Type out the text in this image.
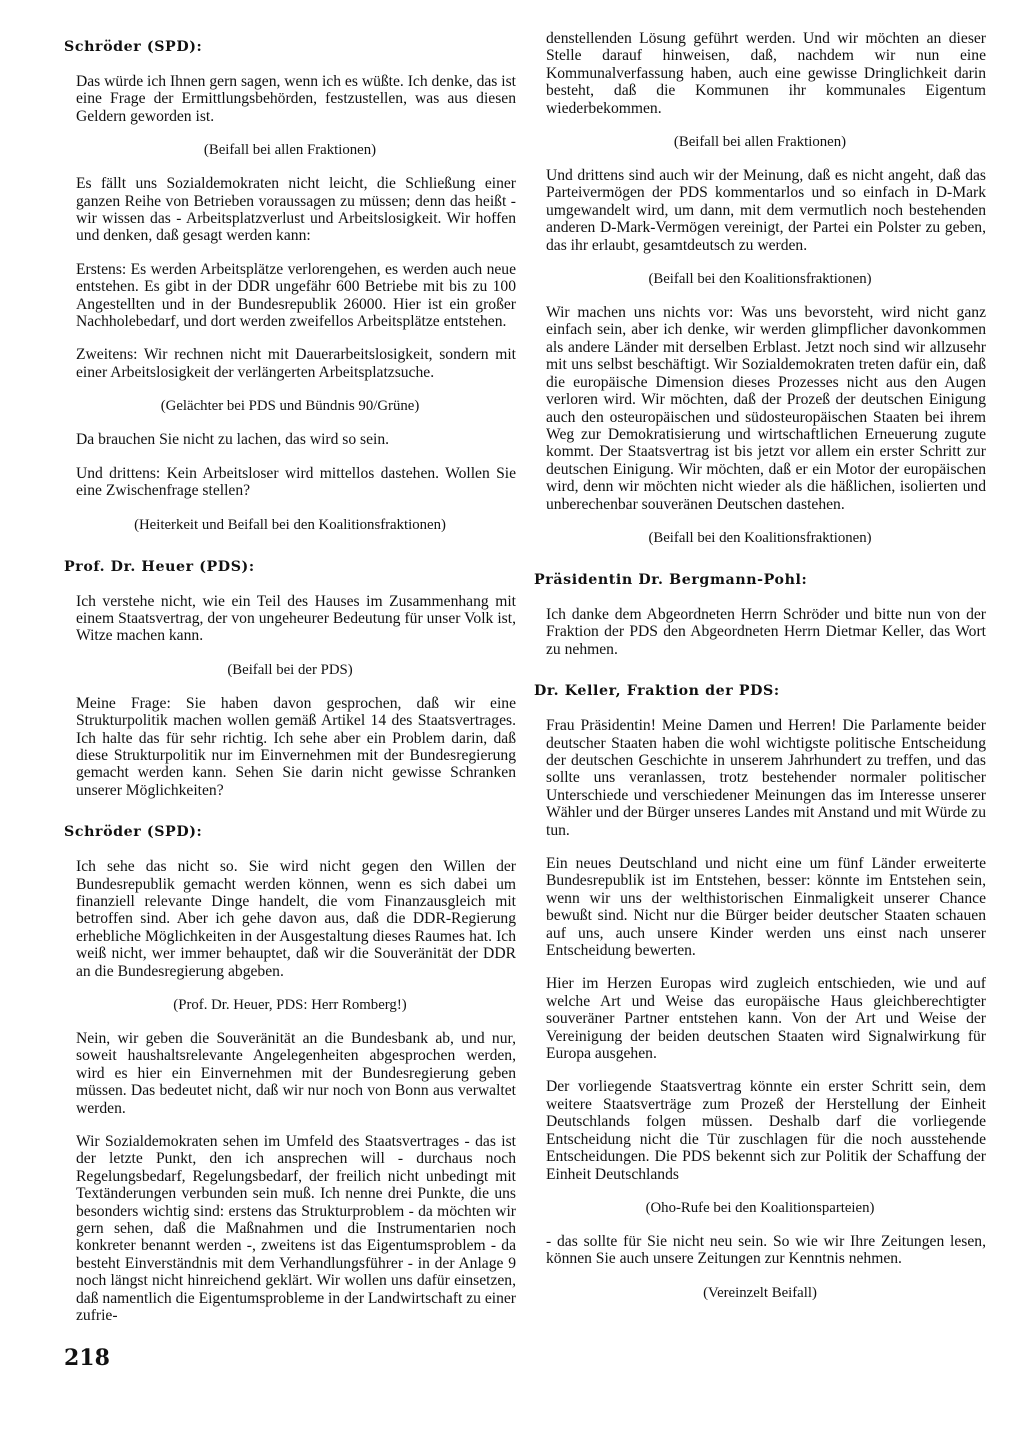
Schröder (SPD):
Das würde ich Ihnen gern sagen, wenn ich es wüßte. Ich denke, das ist eine Frage der Ermittlungsbehörden, festzustellen, was aus diesen Geldern geworden ist.
(Beifall bei allen Fraktionen)
Es fällt uns Sozialdemokraten nicht leicht, die Schließung einer ganzen Reihe von Betrieben voraussagen zu müssen; denn das heißt - wir wissen das - Arbeitsplatzverlust und Arbeitslosigkeit. Wir hoffen und denken, daß gesagt werden kann:
Erstens: Es werden Arbeitsplätze verlorengehen, es werden auch neue entstehen. Es gibt in der DDR ungefähr 600 Betriebe mit bis zu 100 Angestellten und in der Bundesrepublik 26000. Hier ist ein großer Nachholebedarf, und dort werden zweifellos Arbeitsplätze entstehen.
Zweitens: Wir rechnen nicht mit Dauerarbeitslosigkeit, sondern mit einer Arbeitslosigkeit der verlängerten Arbeitsplatzsuche.
(Gelächter bei PDS und Bündnis 90/Grüne)
Da brauchen Sie nicht zu lachen, das wird so sein.
Und drittens: Kein Arbeitsloser wird mittellos dastehen. Wollen Sie eine Zwischenfrage stellen?
(Heiterkeit und Beifall bei den Koalitionsfraktionen)
Prof. Dr. Heuer (PDS):
Ich verstehe nicht, wie ein Teil des Hauses im Zusammenhang mit einem Staatsvertrag, der von ungeheurer Bedeutung für unser Volk ist, Witze machen kann.
(Beifall bei der PDS)
Meine Frage: Sie haben davon gesprochen, daß wir eine Strukturpolitik machen wollen gemäß Artikel 14 des Staatsvertrages. Ich halte das für sehr richtig. Ich sehe aber ein Problem darin, daß diese Strukturpolitik nur im Einvernehmen mit der Bundesregierung gemacht werden kann. Sehen Sie darin nicht gewisse Schranken unserer Möglichkeiten?
Schröder (SPD):
Ich sehe das nicht so. Sie wird nicht gegen den Willen der Bundesrepublik gemacht werden können, wenn es sich dabei um finanziell relevante Dinge handelt, die vom Finanzausgleich mit betroffen sind. Aber ich gehe davon aus, daß die DDR-Regierung erhebliche Möglichkeiten in der Ausgestaltung dieses Raumes hat. Ich weiß nicht, wer immer behauptet, daß wir die Souveränität der DDR an die Bundesregierung abgeben.
(Prof. Dr. Heuer, PDS: Herr Romberg!)
Nein, wir geben die Souveränität an die Bundesbank ab, und nur, soweit haushaltsrelevante Angelegenheiten abgesprochen werden, wird es hier ein Einvernehmen mit der Bundesregierung geben müssen. Das bedeutet nicht, daß wir nur noch von Bonn aus verwaltet werden.
Wir Sozialdemokraten sehen im Umfeld des Staatsvertrages - das ist der letzte Punkt, den ich ansprechen will - durchaus noch Regelungsbedarf, Regelungsbedarf, der freilich nicht unbedingt mit Textänderungen verbunden sein muß. Ich nenne drei Punkte, die uns besonders wichtig sind: erstens das Strukturproblem - da möchten wir gern sehen, daß die Maßnahmen und die Instrumentarien noch konkreter benannt werden -, zweitens ist das Eigentumsproblem - da besteht Einverständnis mit dem Verhandlungsführer - in der Anlage 9 noch längst nicht hinreichend geklärt. Wir wollen uns dafür einsetzen, daß namentlich die Eigentumsprobleme in der Landwirtschaft zu einer zufrie-
denstellenden Lösung geführt werden. Und wir möchten an dieser Stelle darauf hinweisen, daß, nachdem wir nun eine Kommunalverfassung haben, auch eine gewisse Dringlichkeit darin besteht, daß die Kommunen ihr kommunales Eigentum wiederbekommen.
(Beifall bei allen Fraktionen)
Und drittens sind auch wir der Meinung, daß es nicht angeht, daß das Parteivermögen der PDS kommentarlos und so einfach in D-Mark umgewandelt wird, um dann, mit dem vermutlich noch bestehenden anderen D-Mark-Vermögen vereinigt, der Partei ein Polster zu geben, das ihr erlaubt, gesamtdeutsch zu werden.
(Beifall bei den Koalitionsfraktionen)
Wir machen uns nichts vor: Was uns bevorsteht, wird nicht ganz einfach sein, aber ich denke, wir werden glimpflicher davonkommen als andere Länder mit derselben Erblast. Jetzt noch sind wir allzusehr mit uns selbst beschäftigt. Wir Sozialdemokraten treten dafür ein, daß die europäische Dimension dieses Prozesses nicht aus den Augen verloren wird. Wir möchten, daß der Prozeß der deutschen Einigung auch den osteuropäischen und südosteuropäischen Staaten bei ihrem Weg zur Demokratisierung und wirtschaftlichen Erneuerung zugute kommt. Der Staatsvertrag ist bis jetzt vor allem ein erster Schritt zur deutschen Einigung. Wir möchten, daß er ein Motor der europäischen wird, denn wir möchten nicht wieder als die häßlichen, isolierten und unberechenbar souveränen Deutschen dastehen.
(Beifall bei den Koalitionsfraktionen)
Präsidentin Dr. Bergmann-Pohl:
Ich danke dem Abgeordneten Herrn Schröder und bitte nun von der Fraktion der PDS den Abgeordneten Herrn Dietmar Keller, das Wort zu nehmen.
Dr. Keller, Fraktion der PDS:
Frau Präsidentin! Meine Damen und Herren! Die Parlamente beider deutscher Staaten haben die wohl wichtigste politische Entscheidung der deutschen Geschichte in unserem Jahrhundert zu treffen, und das sollte uns veranlassen, trotz bestehender normaler politischer Unterschiede und verschiedener Meinungen das im Interesse unserer Wähler und der Bürger unseres Landes mit Anstand und mit Würde zu tun.
Ein neues Deutschland und nicht eine um fünf Länder erweiterte Bundesrepublik ist im Entstehen, besser: könnte im Entstehen sein, wenn wir uns der welthistorischen Einmaligkeit unserer Chance bewußt sind. Nicht nur die Bürger beider deutscher Staaten schauen auf uns, auch unsere Kinder werden uns einst nach unserer Entscheidung bewerten.
Hier im Herzen Europas wird zugleich entschieden, wie und auf welche Art und Weise das europäische Haus gleichberechtigter souveräner Partner entstehen kann. Von der Art und Weise der Vereinigung der beiden deutschen Staaten wird Signalwirkung für Europa ausgehen.
Der vorliegende Staatsvertrag könnte ein erster Schritt sein, dem weitere Staatsverträge zum Prozeß der Herstellung der Einheit Deutschlands folgen müssen. Deshalb darf die vorliegende Entscheidung nicht die Tür zuschlagen für die noch ausstehende Entscheidungen. Die PDS bekennt sich zur Politik der Schaffung der Einheit Deutschlands
(Oho-Rufe bei den Koalitionsparteien)
- das sollte für Sie nicht neu sein. So wie wir Ihre Zeitungen lesen, können Sie auch unsere Zeitungen zur Kenntnis nehmen.
(Vereinzelt Beifall)
218
